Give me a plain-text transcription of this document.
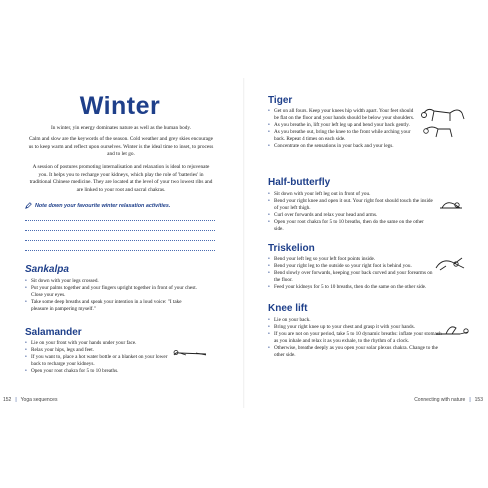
Winter

In winter, yin energy dominates nature as well as the human body.

Calm and slow are the keywords of the season. Cold weather and grey skies encourage us to keep warm and reflect upon ourselves. Winter is the ideal time to inset, to process and to let go.

A session of postures promoting internalisation and relaxation is ideal to rejuvenate you. It helps you to recharge your kidneys, which play the role of 'batteries' in traditional Chinese medicine. They are located at the level of your two lowest ribs and are linked to your root and sacral chakras.

Note down your favourite winter relaxation activities.
Sankalpa
• Sit down with your legs crossed.
• Put your palms together and your fingers upright together in front of your chest. Close your eyes.
• Take some deep breaths and speak your intention in a loud voice: "I take pleasure in pampering myself."
Salamander
• Lie on your front with your hands under your face.
• Relax your hips, legs and feet.
• If you want to, place a hot water bottle or a blanket on your lower back to recharge your kidneys.
• Open your root chakra for 5 to 10 breaths.
152 | Yoga sequences
Tiger
• Get on all fours. Keep your knees hip width apart. Your feet should be flat on the floor and your hands should be below your shoulders.
• As you breathe in, lift your left leg up and bend your back gently.
• As you breathe out, bring the knee to the front while arching your back. Repeat 4 times on each side.
• Concentrate on the sensations in your back and your legs.
Half-butterfly
• Sit down with your left leg out in front of you.
• Bend your right knee and open it out. Your right foot should touch the inside of your left thigh.
• Curl over forwards and relax your head and arms.
• Open your root chakra for 5 to 10 breaths, then do the same on the other side.
Triskelion
• Bend your left leg so your left foot points inside.
• Bend your right leg to the outside so your right foot is behind you.
• Bend slowly over forwards, keeping your back curved and your forearms on the floor.
• Feed your kidneys for 5 to 10 breaths, then do the same on the other side.
Knee lift
• Lie on your back.
• Bring your right knee up to your chest and grasp it with your hands.
• If you are not on your period, take 5 to 10 dynamic breaths: inflate your stomach as you inhale and relax it as you exhale, to the rhythm of a clock.
• Otherwise, breathe deeply as you open your solar plexus chakra. Change to the other side.
Connecting with nature | 153
